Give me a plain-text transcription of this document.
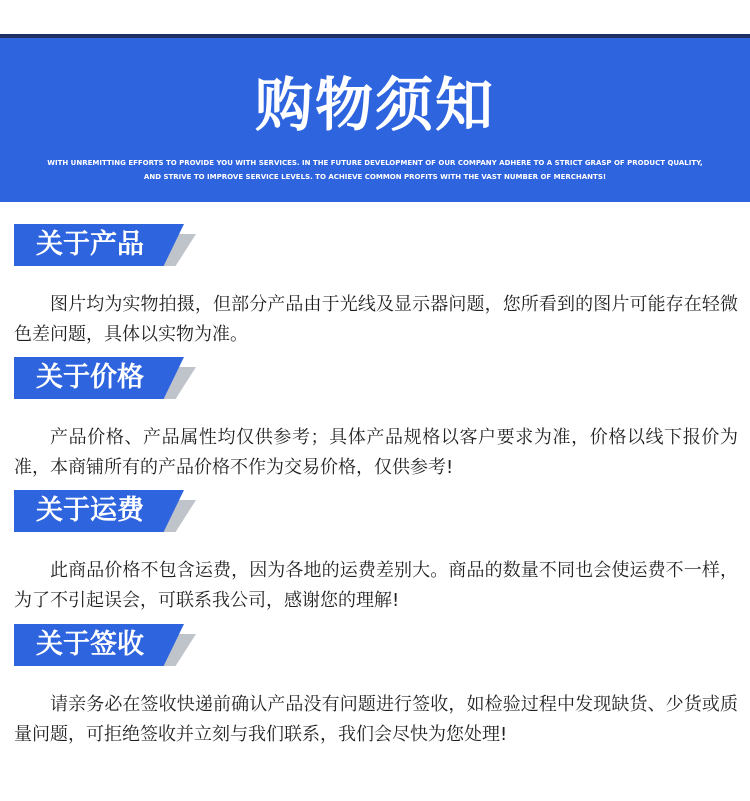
购物须知
WITH UNREMITTING EFFORTS TO PROVIDE YOU WITH SERVICES. IN THE FUTURE DEVELOPMENT OF OUR COMPANY ADHERE TO A STRICT GRASP OF PRODUCT QUALITY, AND STRIVE TO IMPROVE SERVICE LEVELS. TO ACHIEVE COMMON PROFITS WITH THE VAST NUMBER OF MERCHANTS!
关于产品

图片均为实物拍摄，但部分产品由于光线及显示器问题，您所看到的图片可能存在轻微色差问题，具体以实物为准。

关于价格

产品价格、产品属性均仅供参考；具体产品规格以客户要求为准，价格以线下报价为准，本商铺所有的产品价格不作为交易价格，仅供参考!

关于运费

此商品价格不包含运费，因为各地的运费差别大。商品的数量不同也会使运费不一样，为了不引起误会，可联系我公司，感谢您的理解!

关于签收

请亲务必在签收快递前确认产品没有问题进行签收，如检验过程中发现缺货、少货或质量问题，可拒绝签收并立刻与我们联系，我们会尽快为您处理!
